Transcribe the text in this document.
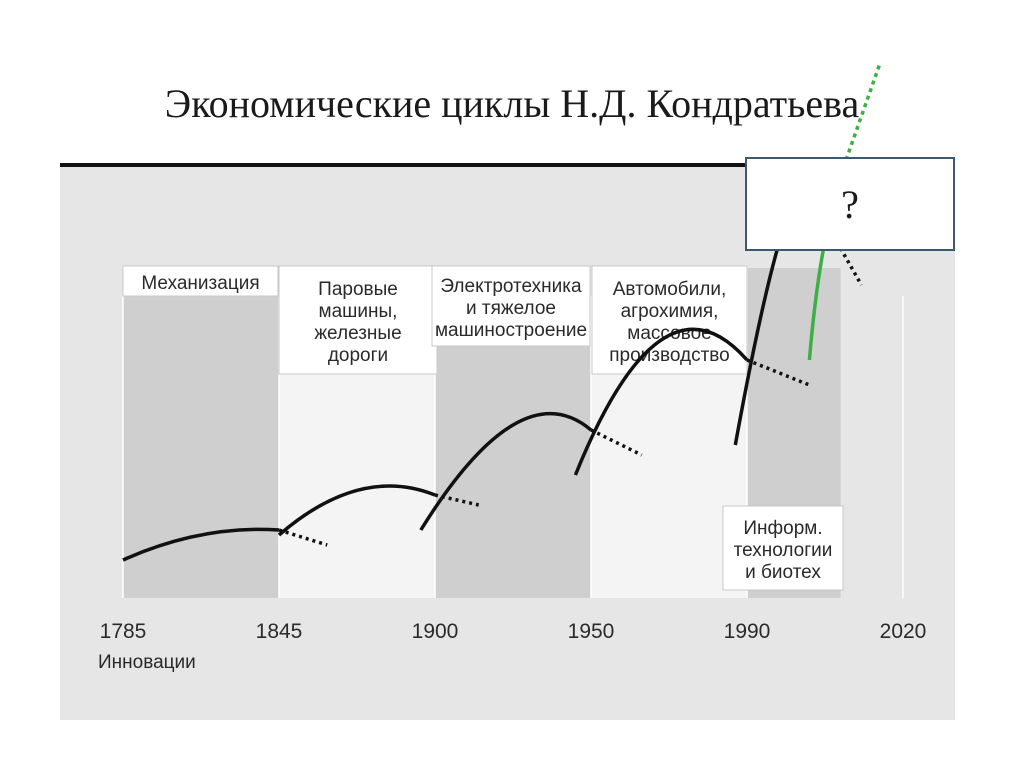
Экономические циклы Н.Д. Кондратьева
Механизация	Паровые
машины,
железные
дороги
Электротехника
и тяжелое
машиностроение
Автомобили,
агрохимия,
массовое
производство
Информ.
технологии
и биотех
1785	1845	1900	1950	1990	2020
Инновации
?
